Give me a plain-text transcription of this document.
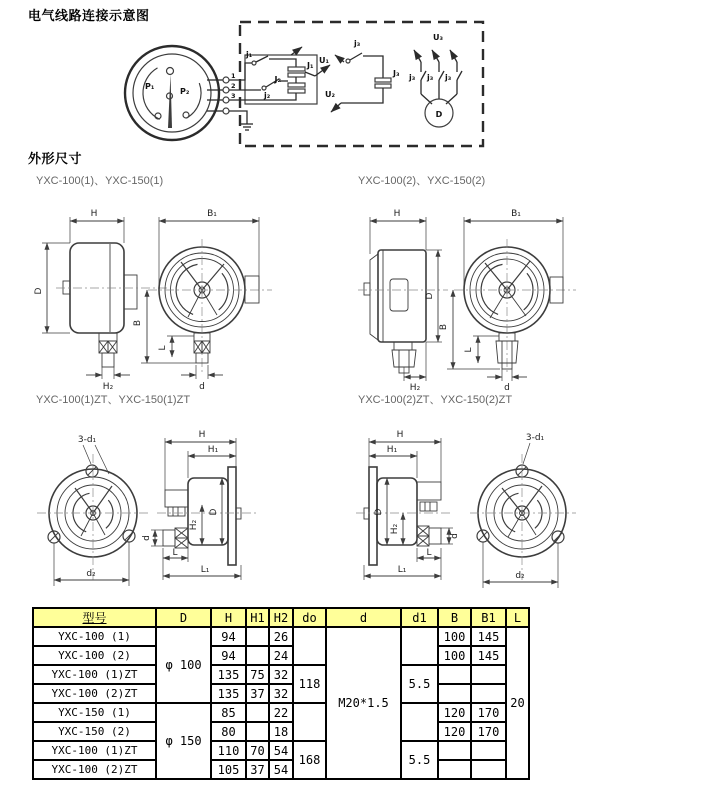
电气线路连接示意图
外形尺寸
YXC-100(1)、YXC-150(1)	YXC-100(2)、YXC-150(2)
YXC-100(1)ZT、YXC-150(1)ZT	YXC-100(2)ZT、YXC-150(2)ZT
P₁
P₂
1
2
3
j₁
J₁
j₂
J₂
U₁
j₃
J₃
U₂
U₃
j₃ j₃ j₃
D
H
D
H₂
B₁
B
L
d
H
D
H₂
B₁
B
L
d
3-d₁
d₂
H
H₁
D
H₂
d
L
L₁
H
H₁
D
H₂
d
L
L₁
3-d₁
d₂
型号	D	H	H1	H2	do	d	d1	B	B1	L
YXC-100 (1)	φ 100	94		26		M20*1.5		100	145	20
YXC-100 (2)		94		24				100	145	
YXC-100 (1)ZT		135	75	32	118		5.5			
YXC-100 (2)ZT		135	37	32						
YXC-150 (1)	φ 150	85		22				120	170	
YXC-150 (2)		80		18				120	170	
YXC-100 (1)ZT		110	70	54	168		5.5			
YXC-100 (2)ZT		105	37	54						
